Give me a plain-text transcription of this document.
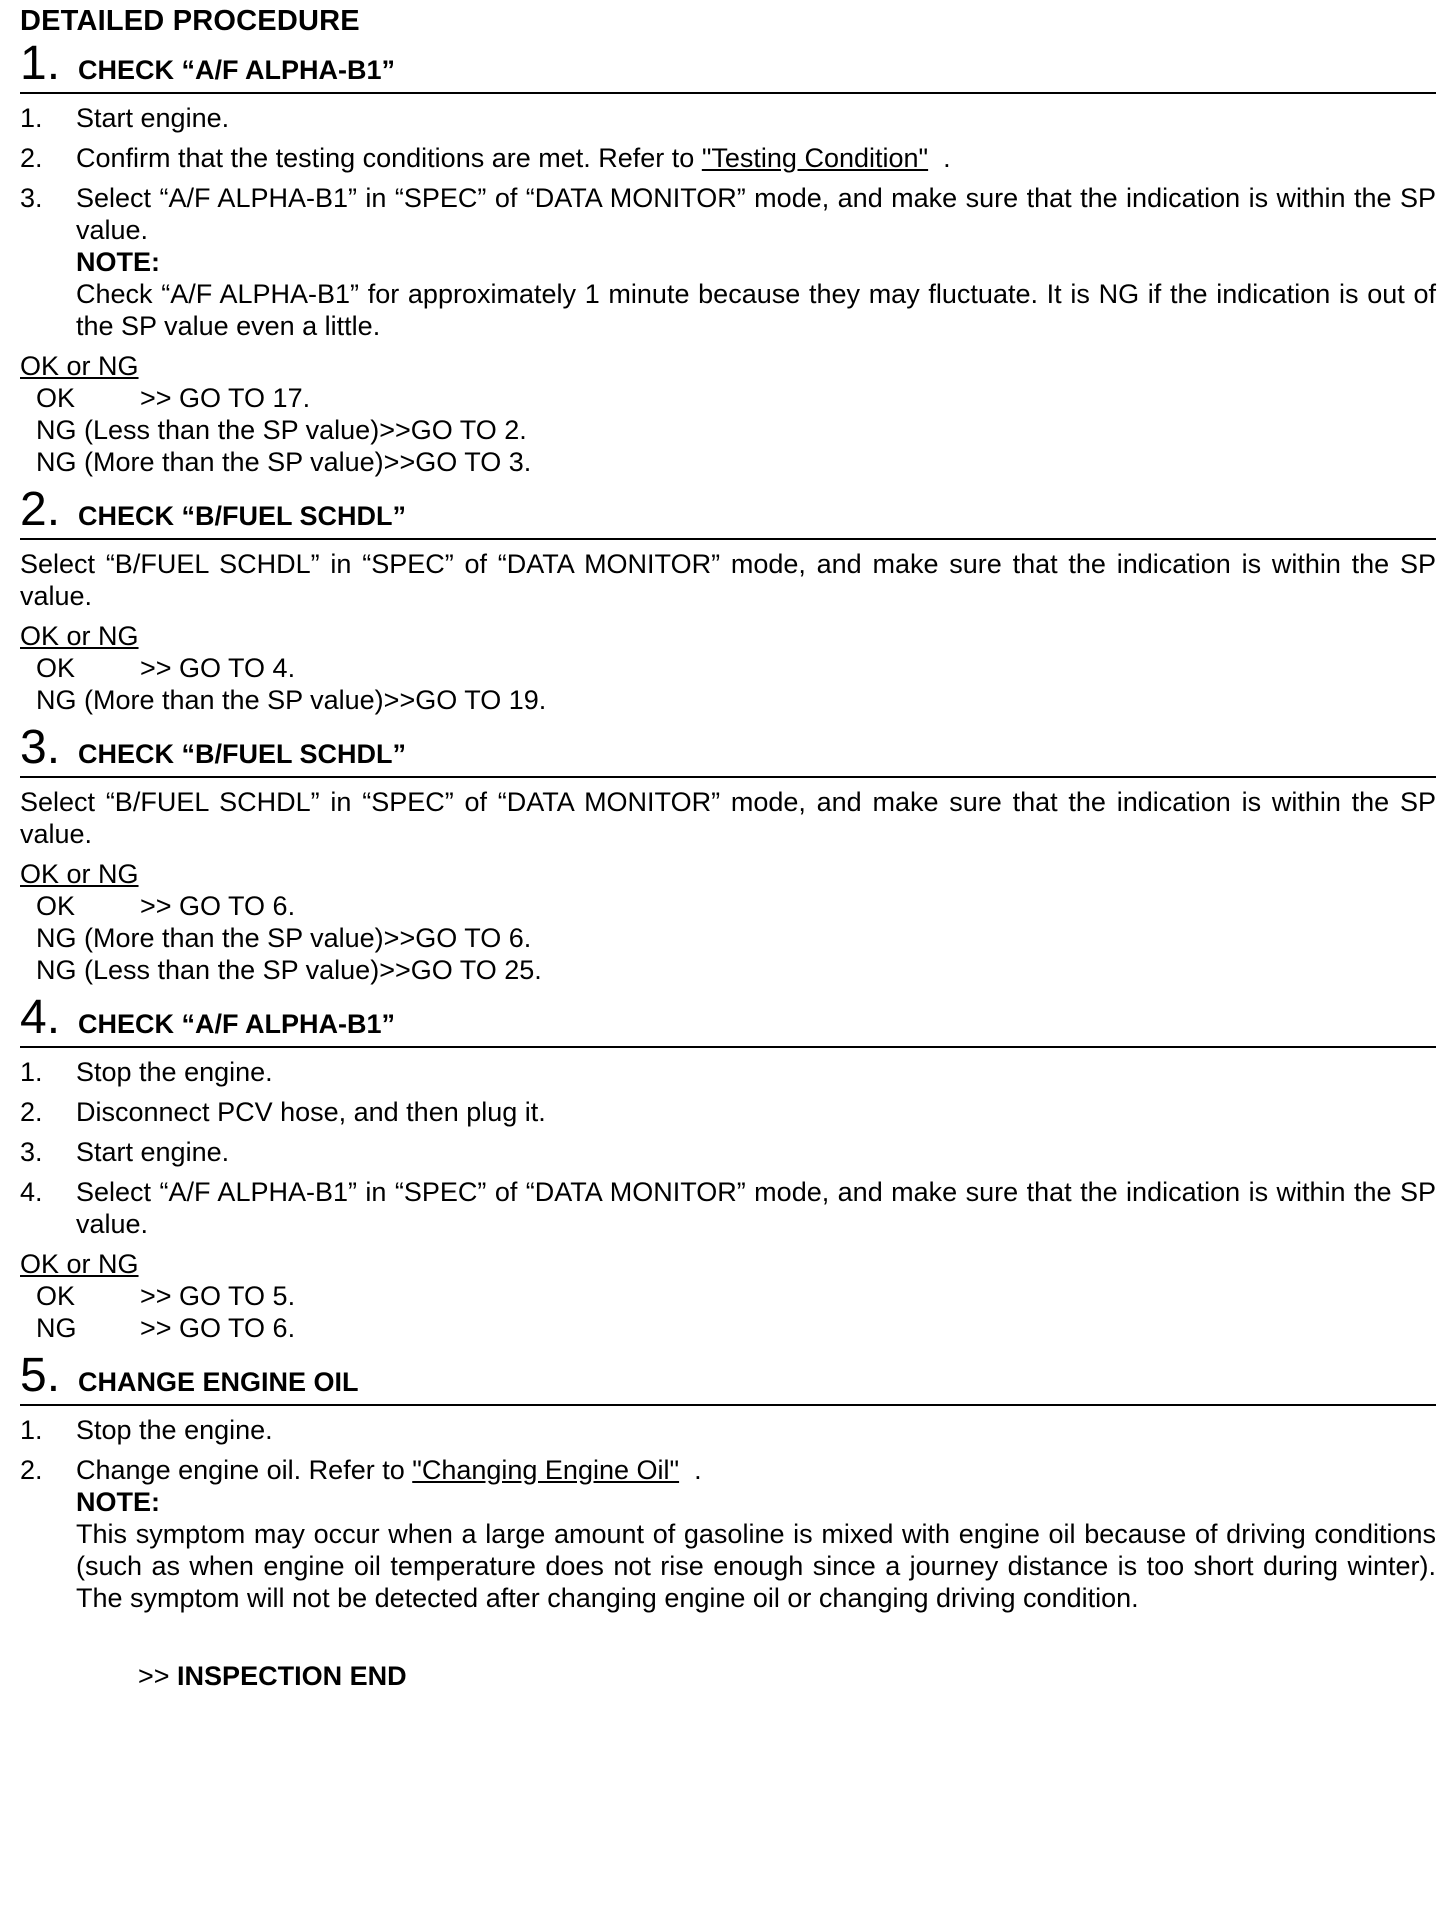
DETAILED PROCEDURE
1. CHECK “A/F ALPHA-B1”
1.	Start engine.
2.	Confirm that the testing conditions are met. Refer to "Testing Condition"  .
3.	Select “A/F ALPHA-B1” in “SPEC” of “DATA MONITOR” mode, and make sure that the indication is within the SP value.
NOTE:
Check “A/F ALPHA-B1” for approximately 1 minute because they may fluctuate. It is NG if the indication is out of the SP value even a little.
OK or NG
OK	>> GO TO 17.
NG (Less than the SP value) >>GO TO 2.
NG (More than the SP value) >>GO TO 3.
2. CHECK “B/FUEL SCHDL”
Select “B/FUEL SCHDL” in “SPEC” of “DATA MONITOR” mode, and make sure that the indication is within the SP value.
OK or NG
OK	>> GO TO 4.
NG (More than the SP value) >>GO TO 19.
3. CHECK “B/FUEL SCHDL”
Select “B/FUEL SCHDL” in “SPEC” of “DATA MONITOR” mode, and make sure that the indication is within the SP value.
OK or NG
OK	>> GO TO 6.
NG (More than the SP value) >>GO TO 6.
NG (Less than the SP value) >>GO TO 25.
4. CHECK “A/F ALPHA-B1”
1.	Stop the engine.
2.	Disconnect PCV hose, and then plug it.
3.	Start engine.
4.	Select “A/F ALPHA-B1” in “SPEC” of “DATA MONITOR” mode, and make sure that the indication is within the SP value.
OK or NG
OK	>> GO TO 5.
NG	>> GO TO 6.
5. CHANGE ENGINE OIL
1.	Stop the engine.
2.	Change engine oil. Refer to "Changing Engine Oil"  .
NOTE:
This symptom may occur when a large amount of gasoline is mixed with engine oil because of driving conditions (such as when engine oil temperature does not rise enough since a journey distance is too short during winter). The symptom will not be detected after changing engine oil or changing driving condition.
>> INSPECTION END
